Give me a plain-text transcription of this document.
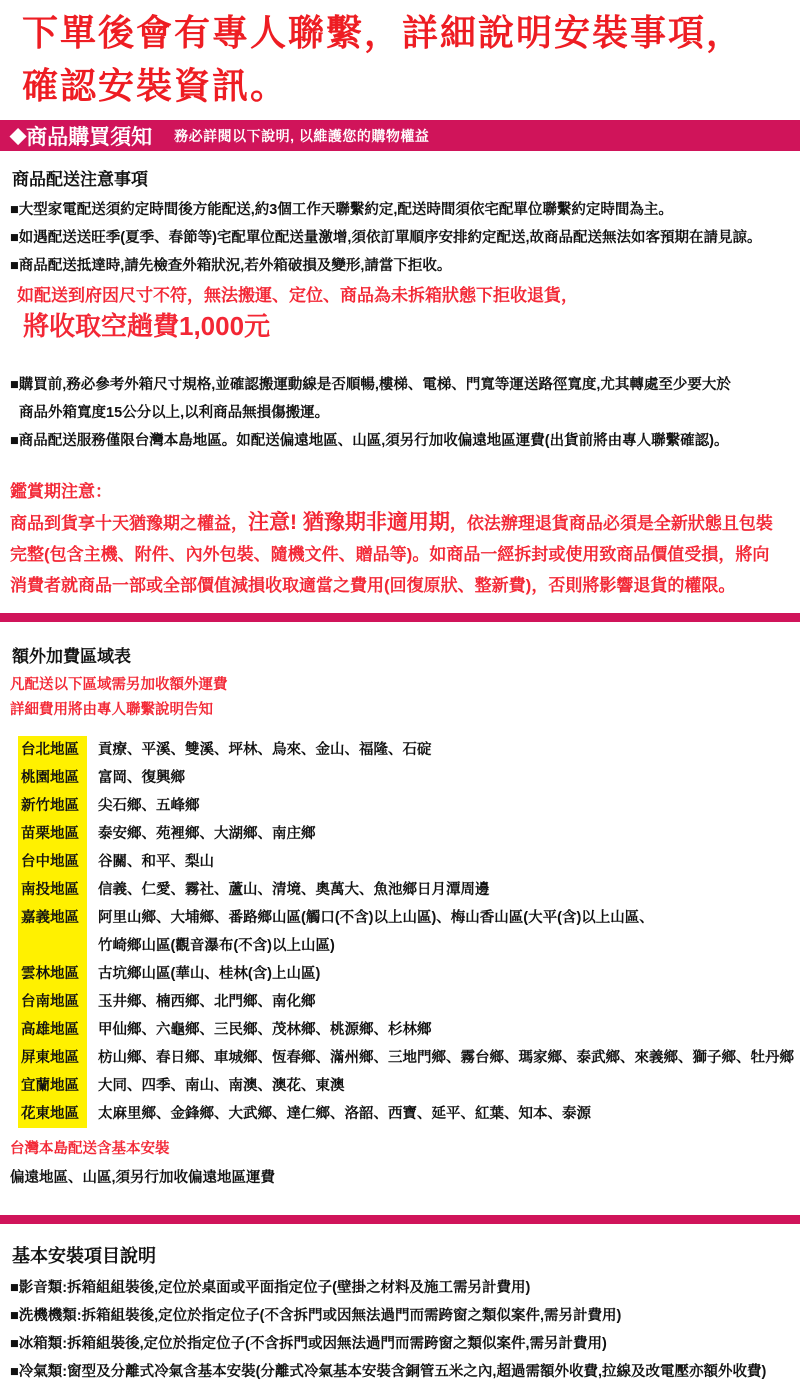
下單後會有專人聯繫，詳細說明安裝事項，
確認安裝資訊。
◆ 商品購買須知 務必詳閱以下說明, 以維護您的購物權益
商品配送注意事項
■大型家電配送須約定時間後方能配送,約3個工作天聯繫約定,配送時間須依宅配單位聯繫約定時間為主。
■如遇配送送旺季(夏季、春節等)宅配單位配送量激增,須依訂單順序安排約定配送,故商品配送無法如客預期在請見諒。
■商品配送抵達時,請先檢查外箱狀況,若外箱破損及變形,請當下拒收。
如配送到府因尺寸不符，無法搬運、定位、商品為未拆箱狀態下拒收退貨，
將收取空趟費1,000元
■購買前,務必參考外箱尺寸規格,並確認搬運動線是否順暢,樓梯、電梯、門寬等運送路徑寬度,尤其轉處至少要大於
商品外箱寬度15公分以上,以利商品無損傷搬運。
■商品配送服務僅限台灣本島地區。如配送偏遠地區、山區,須另行加收偏遠地區運費(出貨前將由專人聯繫確認)。
鑑賞期注意：
商品到貨享十天猶豫期之權益，注意! 猶豫期非適用期，依法辦理退貨商品必須是全新狀態且包裝完整(包含主機、附件、內外包裝、隨機文件、贈品等)。如商品一經拆封或使用致商品價值受損，將向消費者就商品一部或全部價值減損收取適當之費用(回復原狀、整新費)，否則將影響退貨的權限。
額外加費區域表
凡配送以下區域需另加收額外運費
詳細費用將由專人聯繫說明告知
台北地區	貢療、平溪、雙溪、坪林、烏來、金山、福隆、石碇
桃園地區	富岡、復興鄉
新竹地區	尖石鄉、五峰鄉
苗栗地區	泰安鄉、苑裡鄉、大湖鄉、南庄鄉
台中地區	谷關、和平、梨山
南投地區	信義、仁愛、霧社、蘆山、清境、奧萬大、魚池鄉日月潭周邊
嘉義地區	阿里山鄉、大埔鄉、番路鄉山區(觸口(不含)以上山區)、梅山香山區(大平(含)以上山區、
竹崎鄉山區(觀音瀑布(不含)以上山區)
雲林地區	古坑鄉山區(華山、桂林(含)上山區)
台南地區	玉井鄉、楠西鄉、北門鄉、南化鄉
高雄地區	甲仙鄉、六龜鄉、三民鄉、茂林鄉、桃源鄉、杉林鄉
屏東地區	枋山鄉、春日鄉、車城鄉、恆春鄉、滿州鄉、三地門鄉、霧台鄉、瑪家鄉、泰武鄉、來義鄉、獅子鄉、牡丹鄉
宜蘭地區	大同、四季、南山、南澳、澳花、東澳
花東地區	太麻里鄉、金鋒鄉、大武鄉、達仁鄉、洛韶、西寶、延平、紅葉、知本、泰源
台灣本島配送含基本安裝
偏遠地區、山區,須另行加收偏遠地區運費
基本安裝項目說明
■影音類:拆箱組組裝後,定位於桌面或平面指定位子(壁掛之材料及施工需另計費用)
■洗機機類:拆箱組裝後,定位於指定位子(不含拆門或因無法過門而需跨窗之類似案件,需另計費用)
■冰箱類:拆箱組裝後,定位於指定位子(不含拆門或因無法過門而需跨窗之類似案件,需另計費用)
■冷氣類:窗型及分離式冷氣含基本安裝(分離式冷氣基本安裝含銅管五米之內,超過需額外收費,拉線及改電壓亦額外收費)
